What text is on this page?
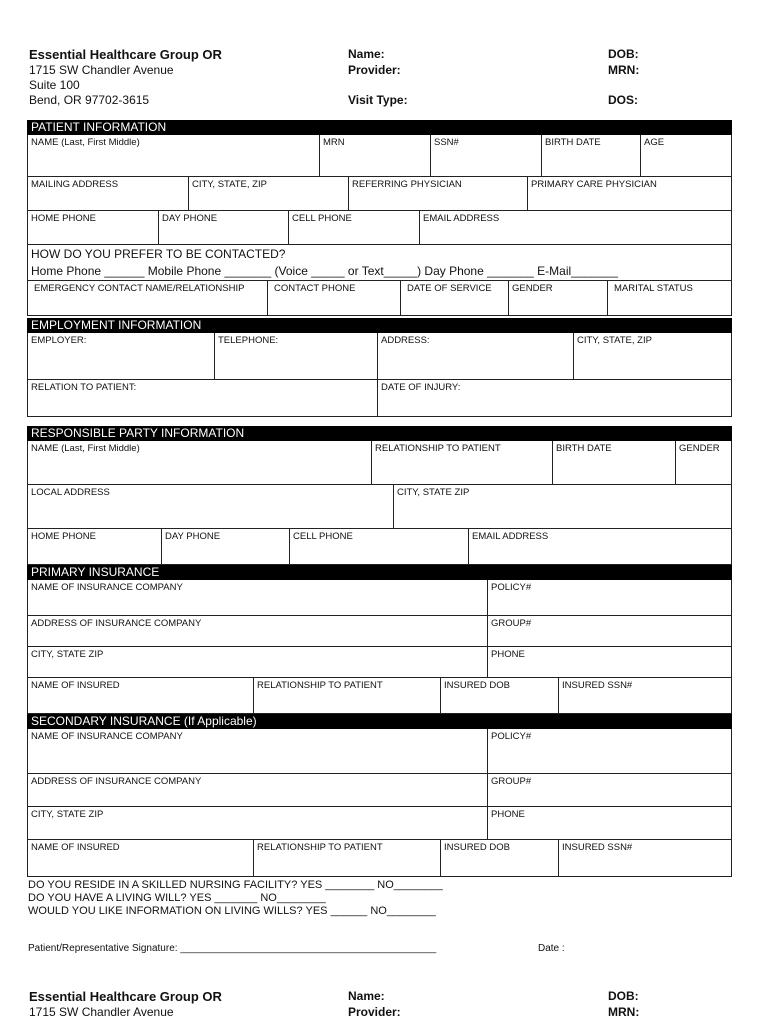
Essential Healthcare Group OR
1715 SW Chandler Avenue
Suite 100
Bend, OR 97702-3615
Name:
Provider:
Visit Type:
DOB:
MRN:
DOS:
PATIENT INFORMATION
NAME (Last, First Middle)	MRN	SSN#	BIRTH DATE	AGE
MAILING ADDRESS	CITY, STATE, ZIP	REFERRING PHYSICIAN	PRIMARY CARE PHYSICIAN
HOME PHONE	DAY PHONE	CELL PHONE	EMAIL ADDRESS
HOW DO YOU PREFER TO BE CONTACTED?
Home Phone ______ Mobile Phone _______ (Voice _____ or Text_____) Day Phone _______ E-Mail_______
EMERGENCY CONTACT NAME/RELATIONSHIP	CONTACT PHONE	DATE OF SERVICE	GENDER	MARITAL STATUS
EMPLOYMENT INFORMATION
EMPLOYER:	TELEPHONE:	ADDRESS:	CITY, STATE, ZIP
RELATION TO PATIENT:	DATE OF INJURY:
RESPONSIBLE PARTY INFORMATION
NAME (Last, First Middle)	RELATIONSHIP TO PATIENT	BIRTH DATE	GENDER
LOCAL ADDRESS	CITY, STATE ZIP
HOME PHONE	DAY PHONE	CELL PHONE	EMAIL ADDRESS
PRIMARY INSURANCE
NAME OF INSURANCE COMPANY	POLICY#
ADDRESS OF INSURANCE COMPANY	GROUP#
CITY, STATE ZIP	PHONE
NAME OF INSURED	RELATIONSHIP TO PATIENT	INSURED DOB	INSURED SSN#
SECONDARY INSURANCE (If Applicable)
NAME OF INSURANCE COMPANY	POLICY#
ADDRESS OF INSURANCE COMPANY	GROUP#
CITY, STATE ZIP	PHONE
NAME OF INSURED	RELATIONSHIP TO PATIENT	INSURED DOB	INSURED SSN#
DO YOU RESIDE IN A SKILLED NURSING FACILITY? YES ________ NO________
DO YOU HAVE A LIVING WILL? YES _______ NO________
WOULD YOU LIKE INFORMATION ON LIVING WILLS? YES ______ NO________
Patient/Representative Signature: ______________________________________________	Date :
Essential Healthcare Group OR
1715 SW Chandler Avenue
Name:
Provider:
DOB:
MRN:
